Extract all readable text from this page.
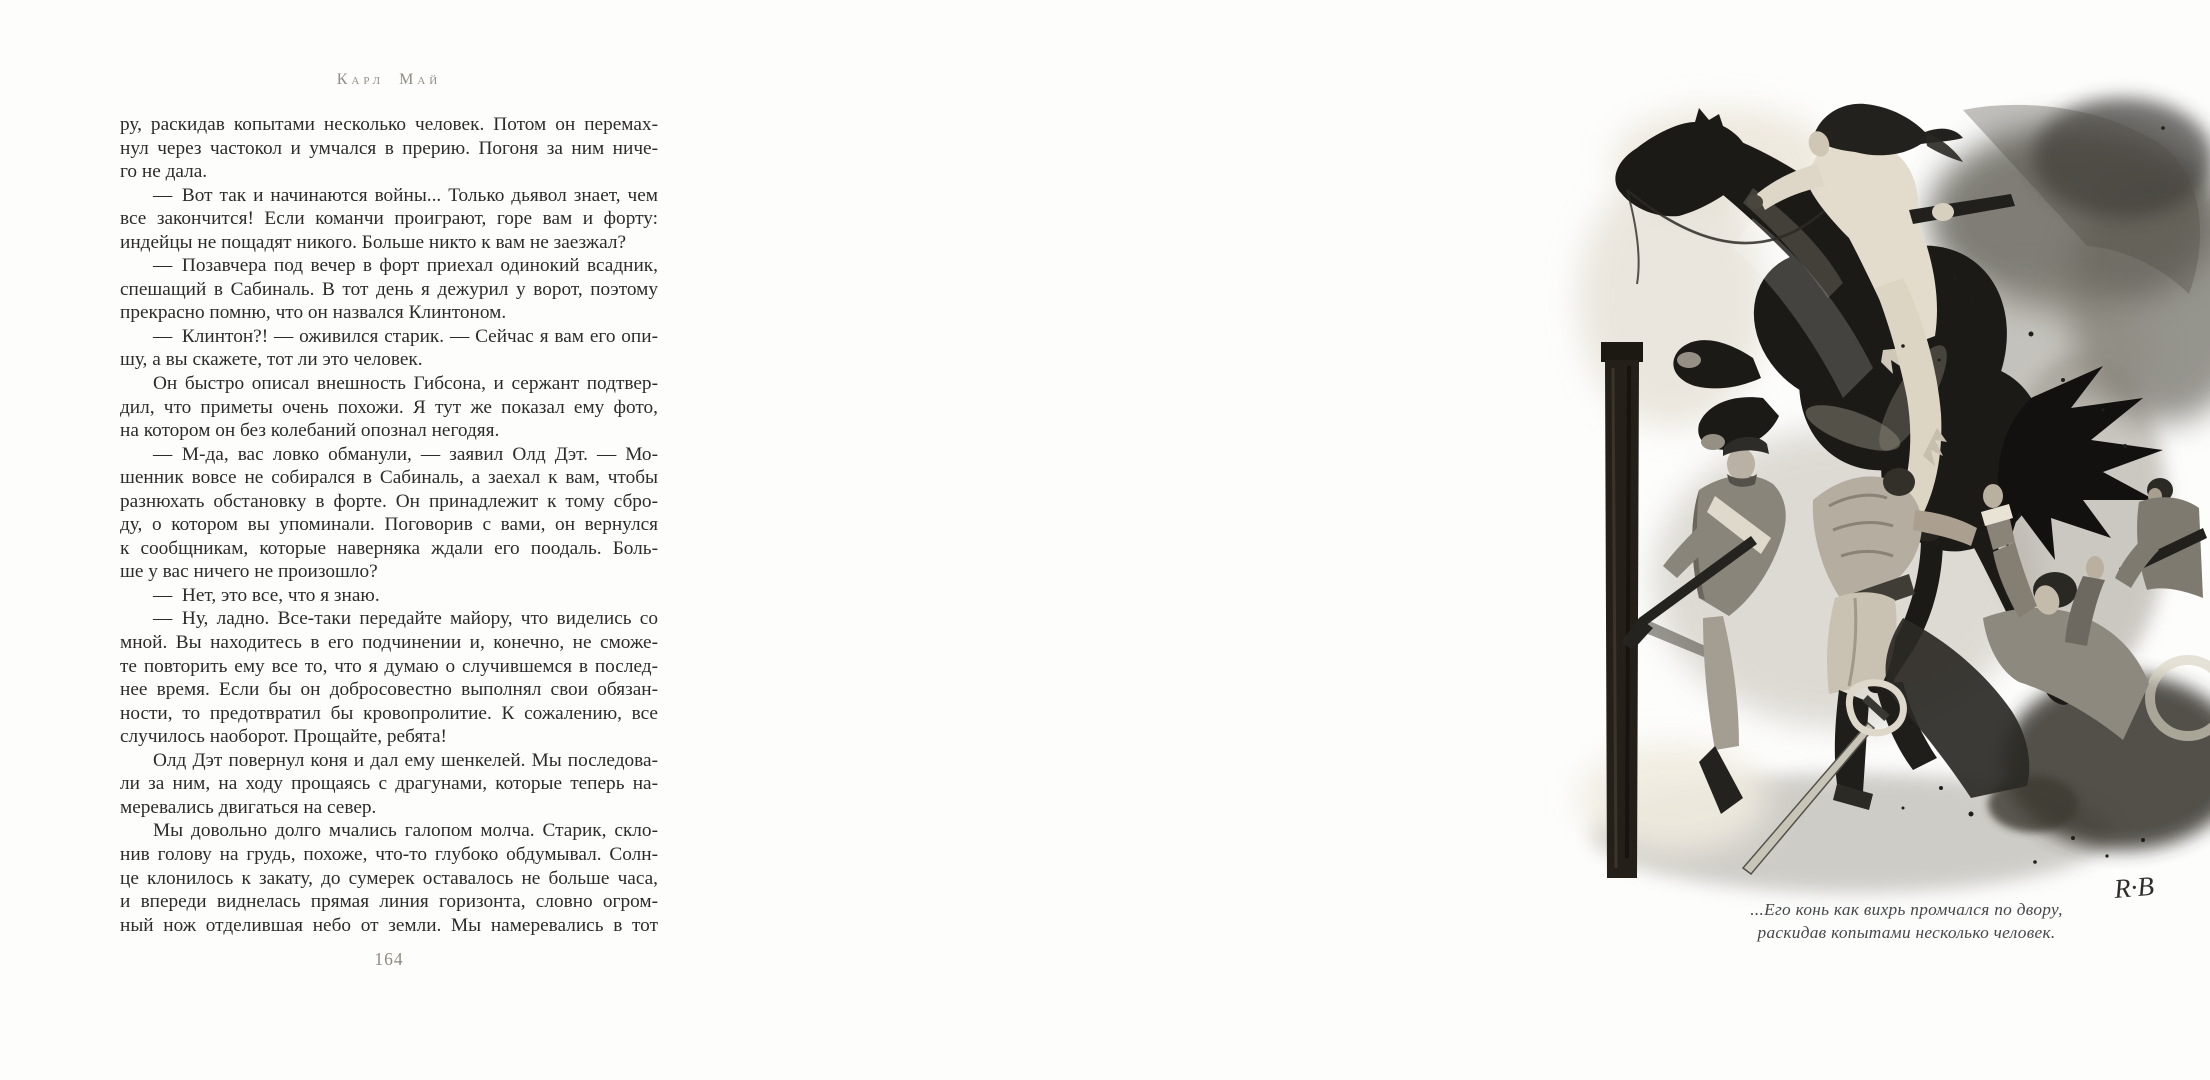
Карл Май
ру, раскидав копытами несколько человек. Потом он перемах-
нул через частокол и умчался в прерию. Погоня за ним ниче-
го не дала.
— Вот так и начинаются войны... Только дьявол знает, чем
все закончится! Если команчи проиграют, горе вам и форту:
индейцы не пощадят никого. Больше никто к вам не заезжал?
— Позавчера под вечер в форт приехал одинокий всадник,
спешащий в Сабиналь. В тот день я дежурил у ворот, поэтому
прекрасно помню, что он назвался Клинтоном.
— Клинтон?! — оживился старик. — Сейчас я вам его опи-
шу, а вы скажете, тот ли это человек.
Он быстро описал внешность Гибсона, и сержант подтвер-
дил, что приметы очень похожи. Я тут же показал ему фото,
на котором он без колебаний опознал негодяя.
— М-да, вас ловко обманули, — заявил Олд Дэт. — Мо-
шенник вовсе не собирался в Сабиналь, а заехал к вам, чтобы
разнюхать обстановку в форте. Он принадлежит к тому сбро-
ду, о котором вы упоминали. Поговорив с вами, он вернулся
к сообщникам, которые наверняка ждали его поодаль. Боль-
ше у вас ничего не произошло?
— Нет, это все, что я знаю.
— Ну, ладно. Все-таки передайте майору, что виделись со
мной. Вы находитесь в его подчинении и, конечно, не сможе-
те повторить ему все то, что я думаю о случившемся в послед-
нее время. Если бы он добросовестно выполнял свои обязан-
ности, то предотвратил бы кровопролитие. К сожалению, все
случилось наоборот. Прощайте, ребята!
Олд Дэт повернул коня и дал ему шенкелей. Мы последова-
ли за ним, на ходу прощаясь с драгунами, которые теперь на-
меревались двигаться на север.
Мы довольно долго мчались галопом молча. Старик, скло-
нив голову на грудь, похоже, что-то глубоко обдумывал. Солн-
це клонилось к закату, до сумерек оставалось не больше часа,
и впереди виднелась прямая линия горизонта, словно огром-
ный нож отделившая небо от земли. Мы намеревались в тот
164
R·B
...Его конь как вихрь промчался по двору,
раскидав копытами несколько человек.
